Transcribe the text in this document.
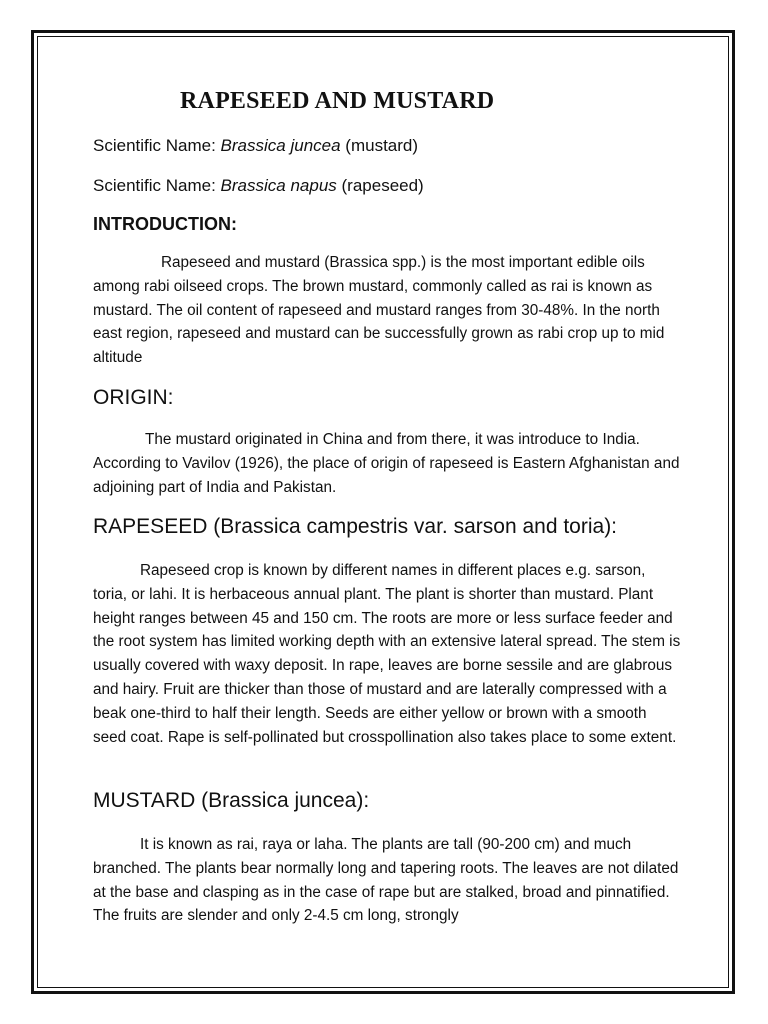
RAPESEED AND MUSTARD

Scientific Name: Brassica juncea (mustard)

Scientific Name: Brassica napus (rapeseed)

INTRODUCTION:

Rapeseed and mustard (Brassica spp.) is the most important edible oils among rabi oilseed crops. The brown mustard, commonly called as rai is known as mustard. The oil content of rapeseed and mustard ranges from 30-48%. In the north east region, rapeseed and mustard can be successfully grown as rabi crop up to mid altitude

ORIGIN:

The mustard originated in China and from there, it was introduce to India. According to Vavilov (1926), the place of origin of rapeseed is Eastern Afghanistan and adjoining part of India and Pakistan.

RAPESEED (Brassica campestris var. sarson and toria):

Rapeseed crop is known by different names in different places e.g. sarson, toria, or lahi. It is herbaceous annual plant. The plant is shorter than mustard. Plant height ranges between 45 and 150 cm. The roots are more or less surface feeder and the root system has limited working depth with an extensive lateral spread. The stem is usually covered with waxy deposit. In rape, leaves are borne sessile and are glabrous and hairy. Fruit are thicker than those of mustard and are laterally compressed with a beak one-third to half their length. Seeds are either yellow or brown with a smooth seed coat. Rape is self-pollinated but crosspollination also takes place to some extent.

MUSTARD (Brassica juncea):

It is known as rai, raya or laha. The plants are tall (90-200 cm) and much branched. The plants bear normally long and tapering roots. The leaves are not dilated at the base and clasping as in the case of rape but are stalked, broad and pinnatified. The fruits are slender and only 2-4.5 cm long, strongly
